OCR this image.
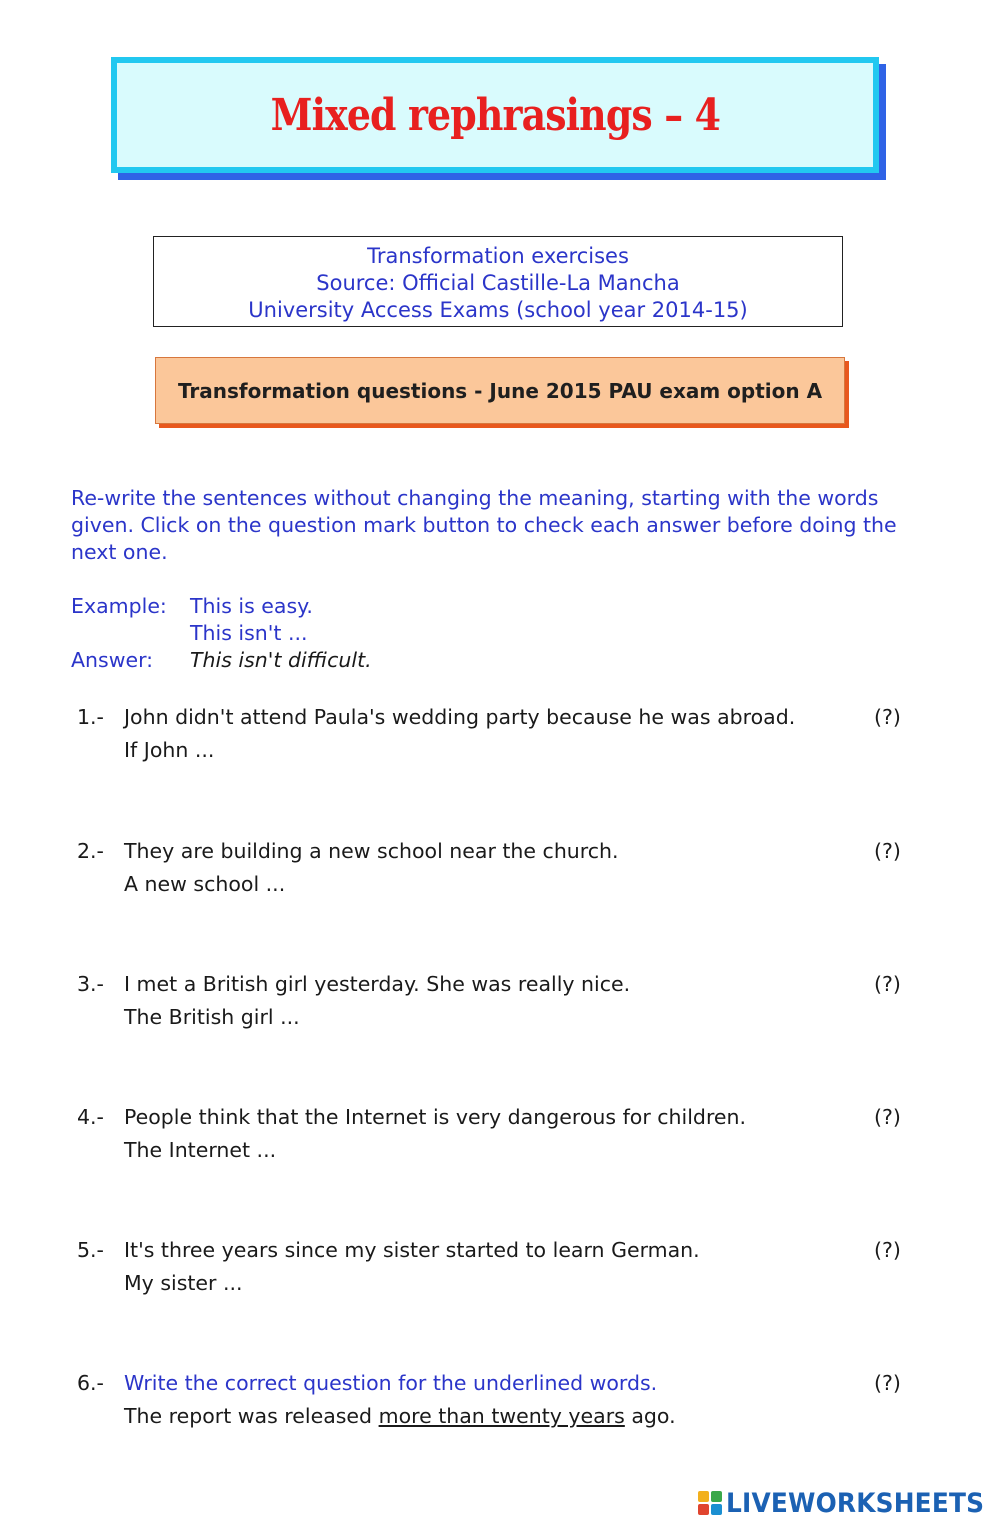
Mixed rephrasings – 4
Transformation exercises
Source: Official Castille-La Mancha
University Access Exams (school year 2014-15)
Transformation questions - June 2015 PAU exam option A
Re-write the sentences without changing the meaning, starting with the words given. Click on the question mark button to check each answer before doing the next one.
Example:	This is easy.
This isn't ...
Answer:	This isn't difficult.
1.- John didn't attend Paula's wedding party because he was abroad.	(?)
If John ...
2.- They are building a new school near the church.	(?)
A new school ...
3.- I met a British girl yesterday. She was really nice.	(?)
The British girl ...
4.- People think that the Internet is very dangerous for children.	(?)
The Internet ...
5.- It's three years since my sister started to learn German.	(?)
My sister ...
6.- Write the correct question for the underlined words.	(?)
The report was released more than twenty years ago.
LIVEWORKSHEETS
